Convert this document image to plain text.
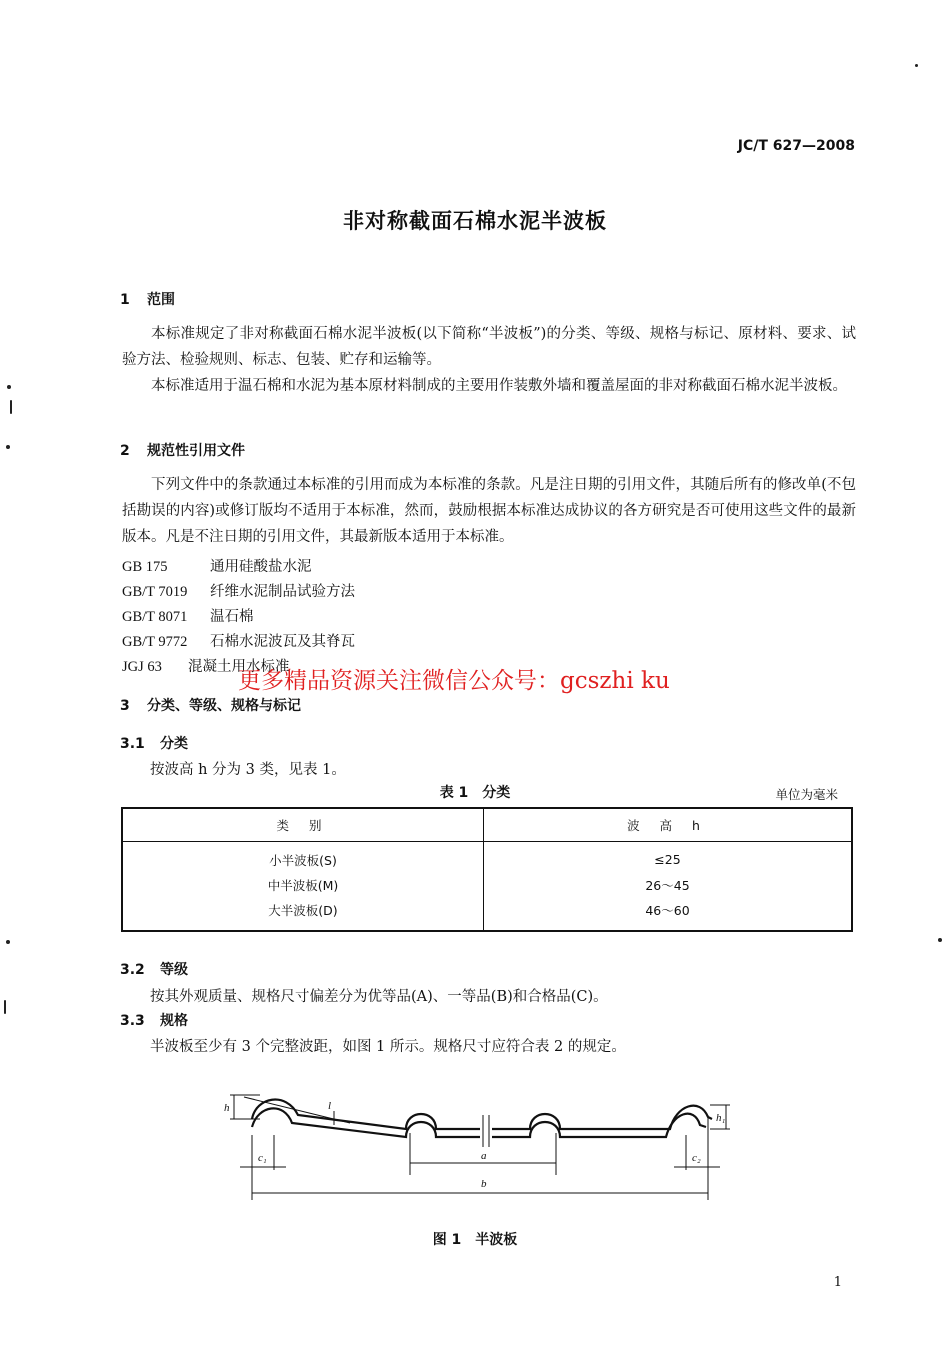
JC/T 627—2008
非对称截面石棉水泥半波板
1 范围
本标准规定了非对称截面石棉水泥半波板(以下简称“半波板”)的分类、等级、规格与标记、原材料、要求、试验方法、检验规则、标志、包装、贮存和运输等。
本标准适用于温石棉和水泥为基本原材料制成的主要用作装敷外墙和覆盖屋面的非对称截面石棉水泥半波板。
2 规范性引用文件
下列文件中的条款通过本标准的引用而成为本标准的条款。凡是注日期的引用文件，其随后所有的修改单(不包括勘误的内容)或修订版均不适用于本标准，然而，鼓励根据本标准达成协议的各方研究是否可使用这些文件的最新版本。凡是不注日期的引用文件，其最新版本适用于本标准。
GB 175	通用硅酸盐水泥
GB/T 7019 纤维水泥制品试验方法
GB/T 8071 温石棉
GB/T 9772 石棉水泥波瓦及其脊瓦
JGJ 63 混凝土用水标准
更多精品资源关注微信公众号：gcszhi ku
3 分类、等级、规格与标记
3.1 分类
按波高 h 分为 3 类，见表 1。
表 1　分类	单位为毫米
类 别	波 高 h
小半波板(S)	≤25
中半波板(M)	26～45
大半波板(D)	46～60
3.2 等级
按其外观质量、规格尺寸偏差分为优等品(A)、一等品(B)和合格品(C)。
3.3 规格
半波板至少有 3 个完整波距，如图 1 所示。规格尺寸应符合表 2 的规定。
h	l
h₁
c₁	c₂
a
b
图 1　半波板
1
